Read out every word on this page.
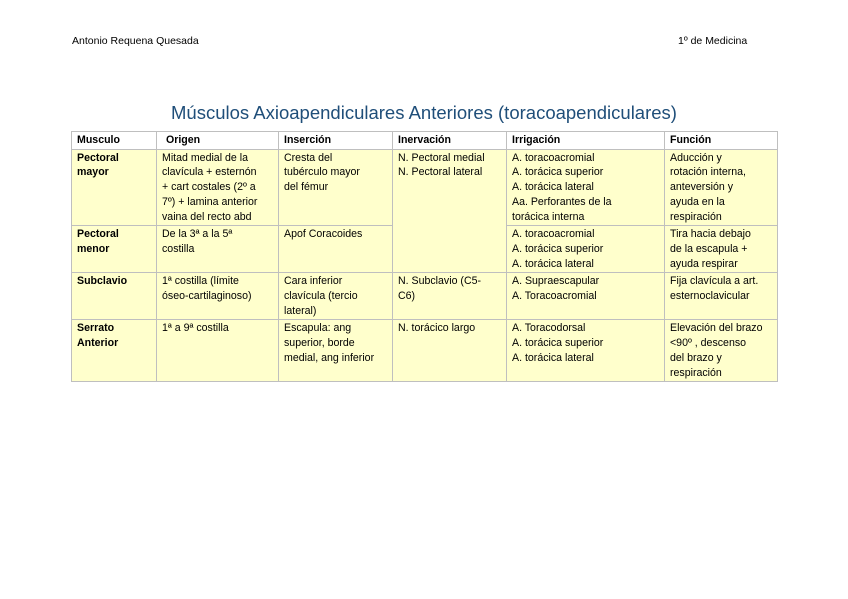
Antonio Requena Quesada	1º de Medicina
Músculos Axioapendiculares Anteriores (toracoapendiculares)
Musculo	Origen	Inserción	Inervación	Irrigación	Función

Pectoral
mayor	Mitad medial de la
clavícula + esternón
+ cart costales (2º a
7º) + lamina anterior
vaina del recto abd	Cresta del
tubérculo mayor
del fémur	N. Pectoral medial
N. Pectoral lateral	A. toracoacromial
A. torácica superior
A. torácica lateral
Aa. Perforantes de la
torácica interna	Aducción y
rotación interna,
anteversión y
ayuda en la
respiración

Pectoral
menor	De la 3ª a la 5ª
costilla	Apof Coracoides		A. toracoacromial
A. torácica superior
A. torácica lateral	Tira hacia debajo
de la escapula +
ayuda respirar

Subclavio	1ª costilla (límite
óseo-cartilaginoso)	Cara inferior
clavícula (tercio
lateral)	N. Subclavio (C5-
C6)	A. Supraescapular
A. Toracoacromial	Fija clavícula a art.
esternoclavicular

Serrato
Anterior	1ª a 9ª costilla	Escapula: ang
superior, borde
medial, ang inferior	N. torácico largo	A. Toracodorsal
A. torácica superior
A. torácica lateral	Elevación del brazo
<90º , descenso
del brazo y
respiración
